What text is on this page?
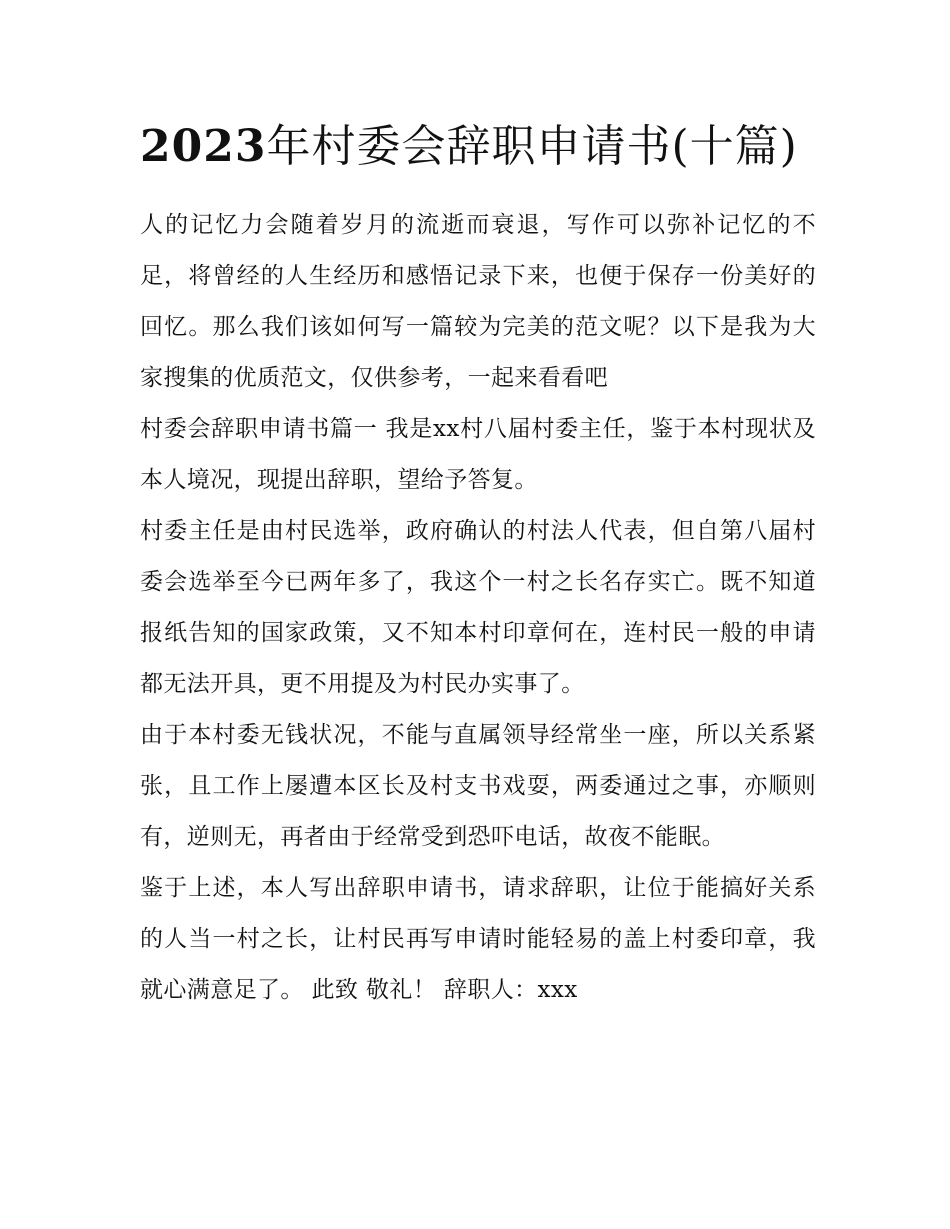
2023年村委会辞职申请书(十篇)

人的记忆力会随着岁月的流逝而衰退，写作可以弥补记忆的不足，将曾经的人生经历和感悟记录下来，也便于保存一份美好的回忆。那么我们该如何写一篇较为完美的范文呢？以下是我为大家搜集的优质范文，仅供参考，一起来看看吧

村委会辞职申请书篇一 我是xx村八届村委主任，鉴于本村现状及本人境况，现提出辞职，望给予答复。

村委主任是由村民选举，政府确认的村法人代表，但自第八届村委会选举至今已两年多了，我这个一村之长名存实亡。既不知道报纸告知的国家政策，又不知本村印章何在，连村民一般的申请都无法开具，更不用提及为村民办实事了。

由于本村委无钱状况，不能与直属领导经常坐一座，所以关系紧张，且工作上屡遭本区长及村支书戏耍，两委通过之事，亦顺则有，逆则无，再者由于经常受到恐吓电话，故夜不能眠。

鉴于上述，本人写出辞职申请书，请求辞职，让位于能搞好关系的人当一村之长，让村民再写申请时能轻易的盖上村委印章，我就心满意足了。 此致 敬礼！ 辞职人：xxx
